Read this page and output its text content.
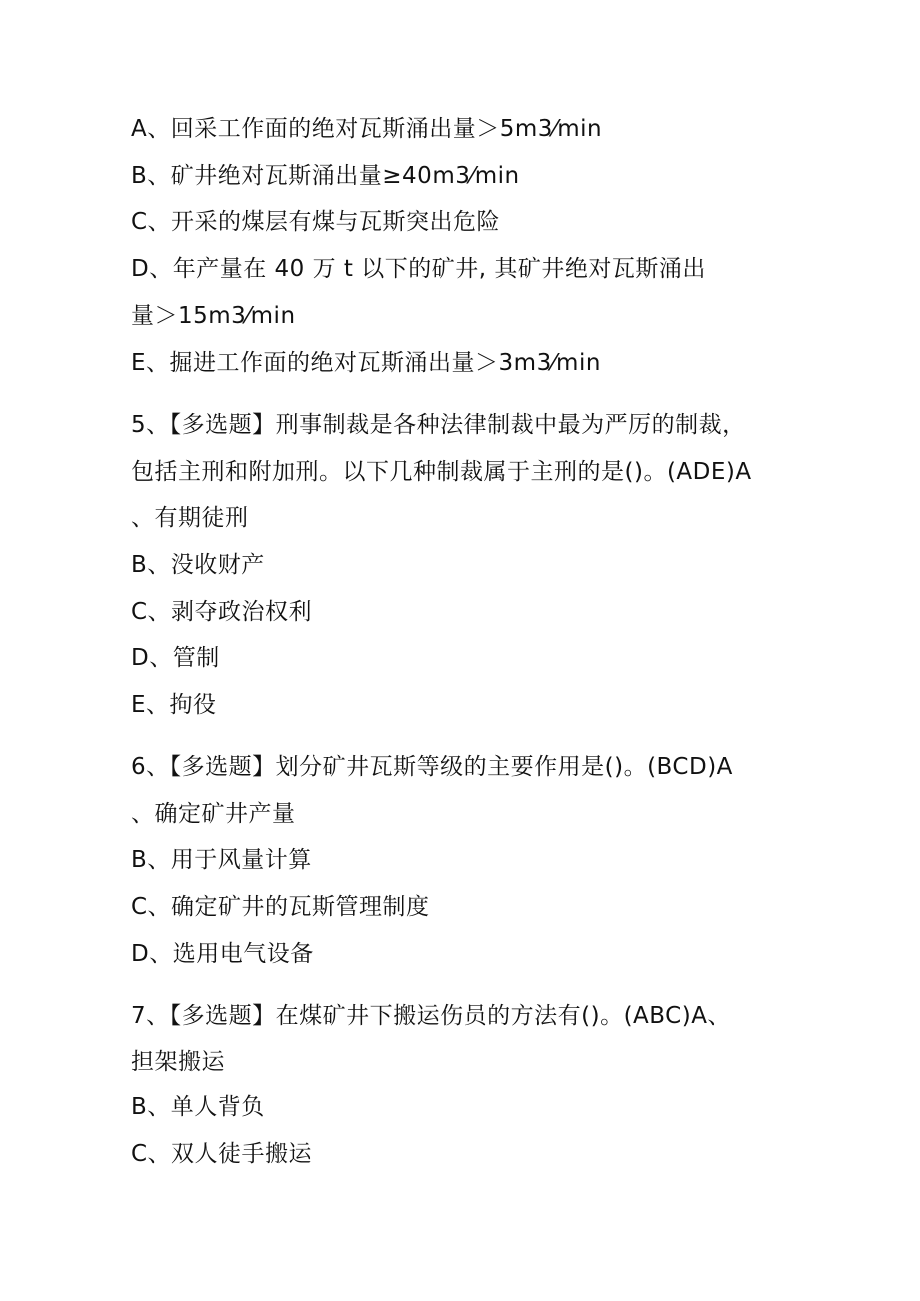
A、回采工作面的绝对瓦斯涌出量＞5m3⁄min

B、矿井绝对瓦斯涌出量≥40m3⁄min

C、开采的煤层有煤与瓦斯突出危险

D、年产量在 40 万 t 以下的矿井, 其矿井绝对瓦斯涌出

量＞15m3⁄min

E、掘进工作面的绝对瓦斯涌出量＞3m3⁄min

5、【多选题】刑事制裁是各种法律制裁中最为严厉的制裁，

包括主刑和附加刑。以下几种制裁属于主刑的是()。(ADE)A

、有期徒刑

B、没收财产

C、剥夺政治权利

D、管制

E、拘役

6、【多选题】划分矿井瓦斯等级的主要作用是()。(BCD)A

、确定矿井产量

B、用于风量计算

C、确定矿井的瓦斯管理制度

D、选用电气设备

7、【多选题】在煤矿井下搬运伤员的方法有()。(ABC)A、

担架搬运

B、单人背负

C、双人徒手搬运
